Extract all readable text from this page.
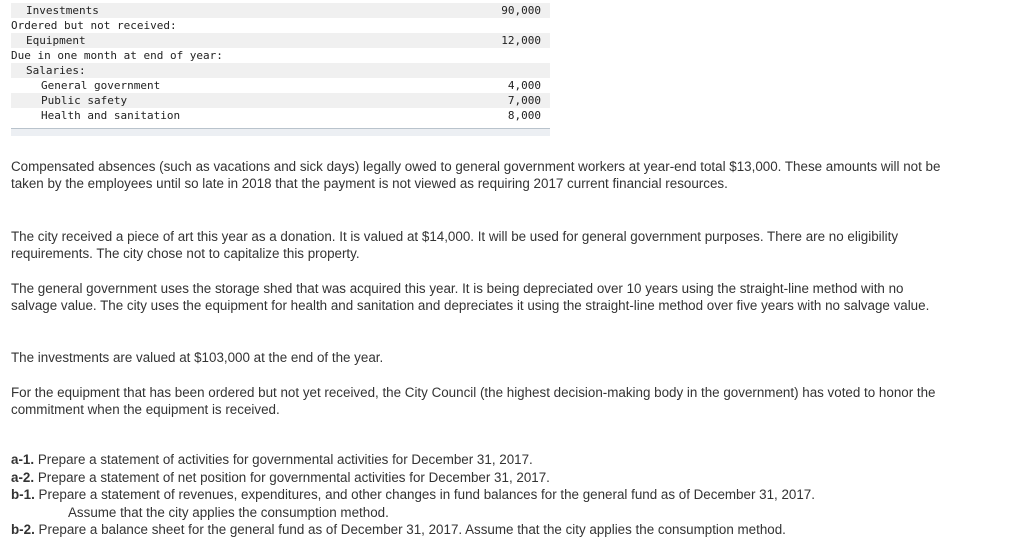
Investments	90,000
Ordered but not received:
Equipment	12,000
Due in one month at end of year:
Salaries:
General government	4,000
Public safety	7,000
Health and sanitation	8,000

Compensated absences (such as vacations and sick days) legally owed to general government workers at year-end total $13,000. These amounts will not be taken by the employees until so late in 2018 that the payment is not viewed as requiring 2017 current financial resources.

The city received a piece of art this year as a donation. It is valued at $14,000. It will be used for general government purposes. There are no eligibility requirements. The city chose not to capitalize this property.

The general government uses the storage shed that was acquired this year. It is being depreciated over 10 years using the straight-line method with no salvage value. The city uses the equipment for health and sanitation and depreciates it using the straight-line method over five years with no salvage value.

The investments are valued at $103,000 at the end of the year.

For the equipment that has been ordered but not yet received, the City Council (the highest decision-making body in the government) has voted to honor the commitment when the equipment is received.

a-1. Prepare a statement of activities for governmental activities for December 31, 2017.
a-2. Prepare a statement of net position for governmental activities for December 31, 2017.
b-1. Prepare a statement of revenues, expenditures, and other changes in fund balances for the general fund as of December 31, 2017.
Assume that the city applies the consumption method.
b-2. Prepare a balance sheet for the general fund as of December 31, 2017. Assume that the city applies the consumption method.
